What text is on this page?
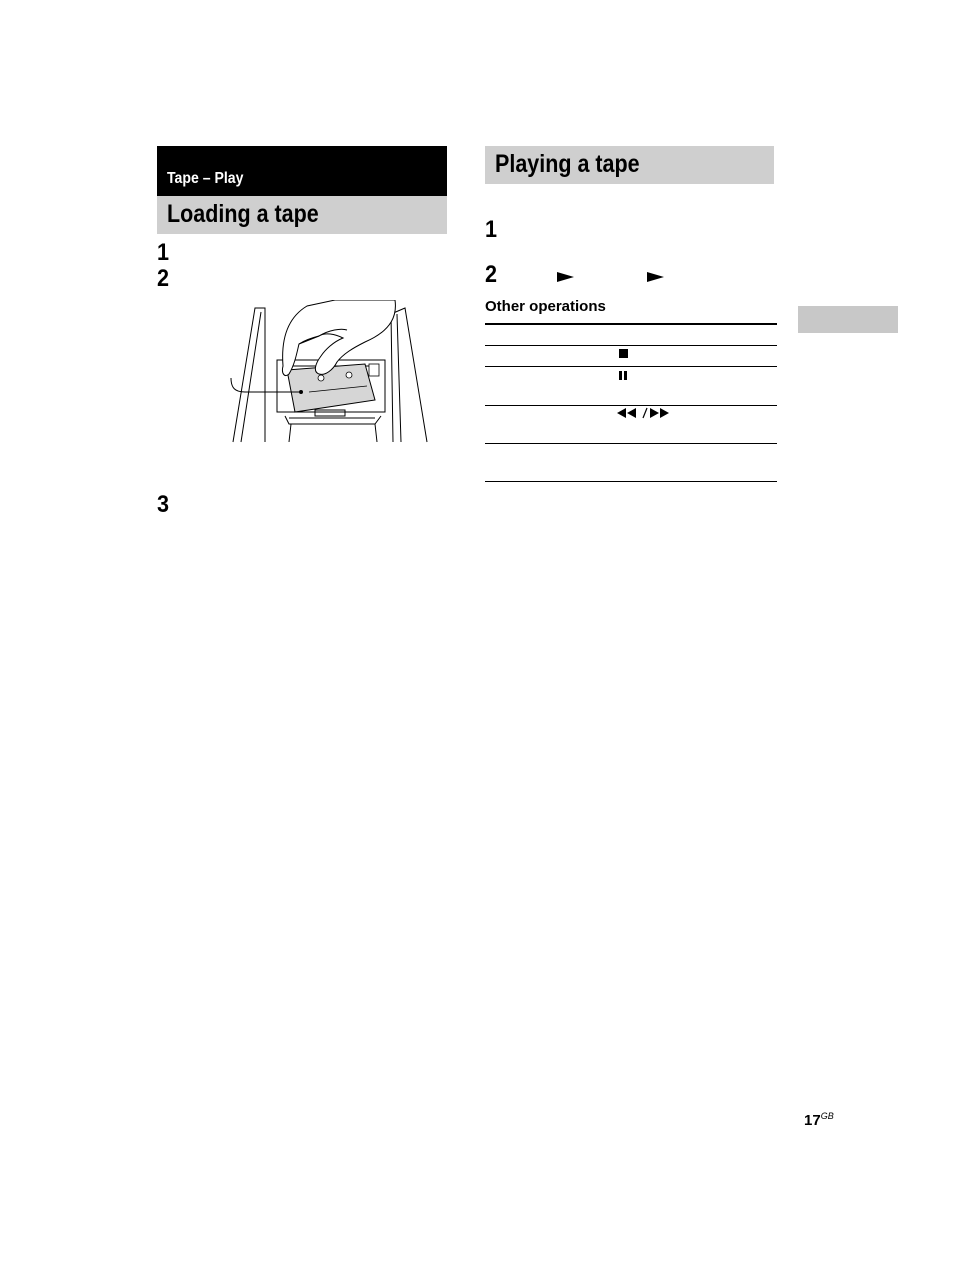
Tape – Play
Loading a tape
1
2
3
Playing a tape
1
2
Other operations
$17^{GB}$
